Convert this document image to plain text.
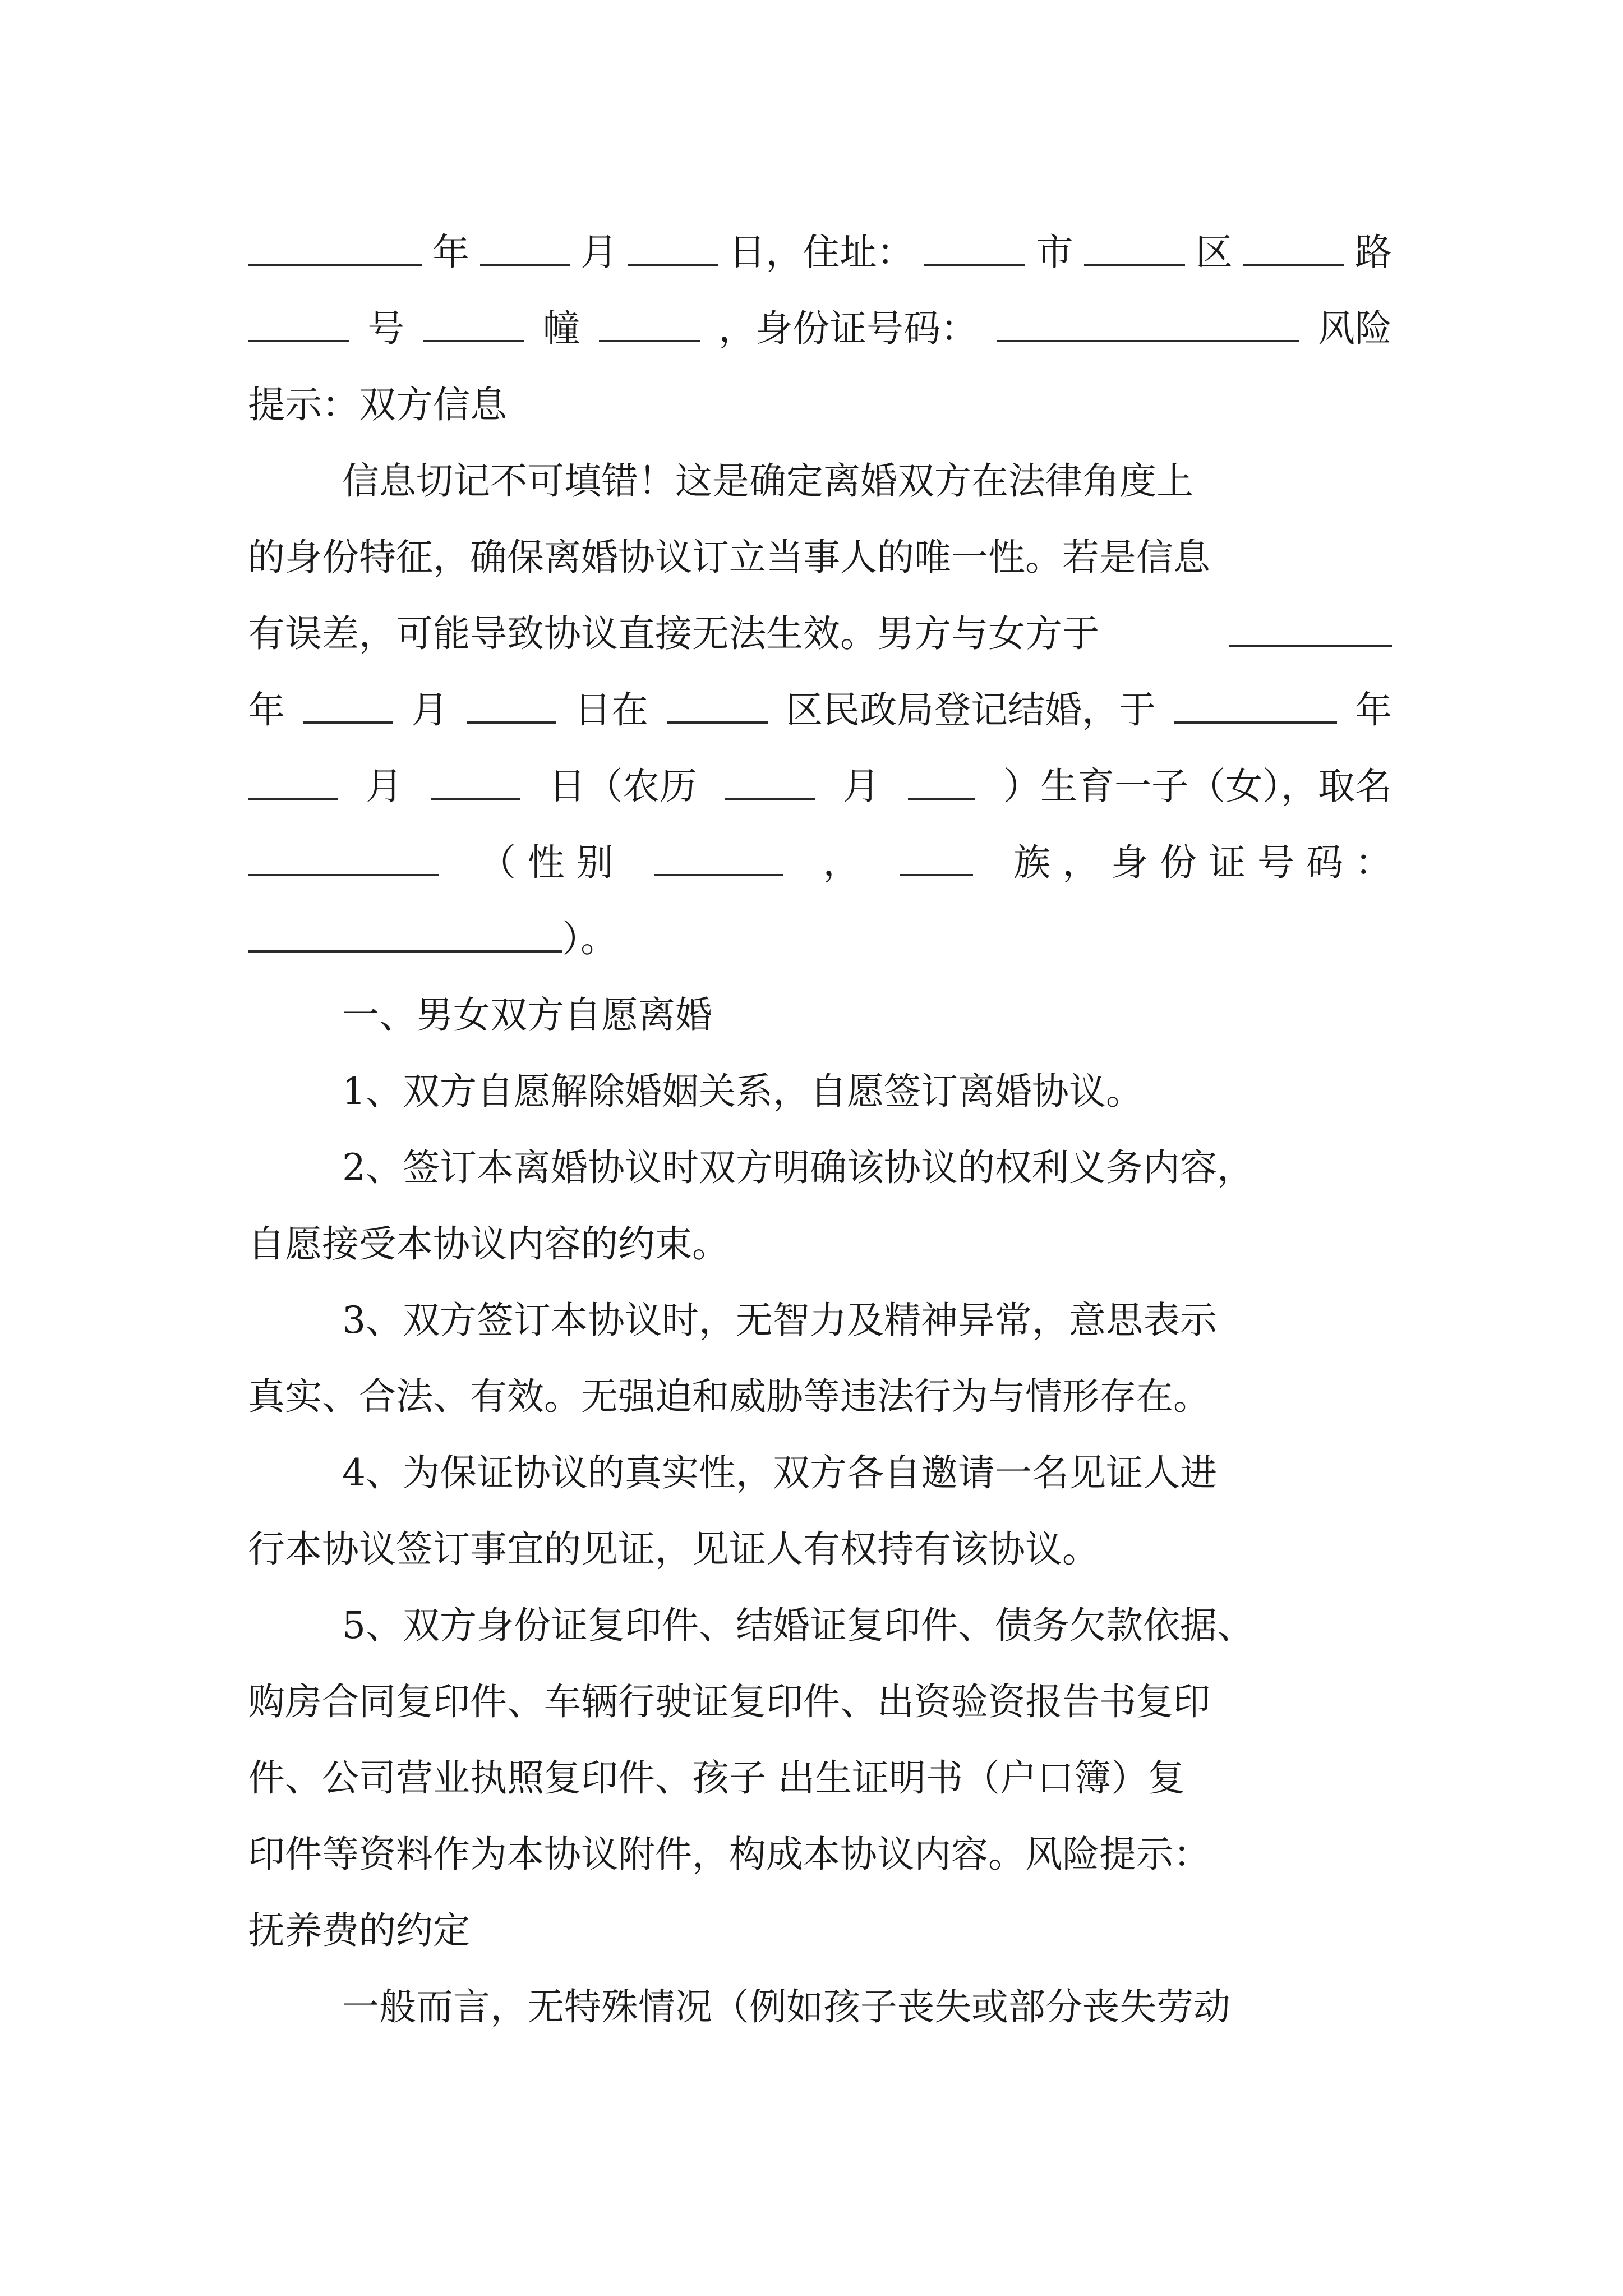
年	月	日，住址：	市	区	路
号	幢	，身份证号码：	风险
提示：双方信息
信息切记不可填错！这是确定离婚双方在法律角度上
的身份特征，确保离婚协议订立当事人的唯一性。若是信息
有误差，可能导致协议直接无法生效。男方与女方于
年	月	日在	区民政局登记结婚，于	年
月	日（农历	月	）生育一子（女），取名
（ 性 别	，	族 ， 身 份 证 号 码 ：
）。
一、男女双方自愿离婚
1、双方自愿解除婚姻关系，自愿签订离婚协议。
2、签订本离婚协议时双方明确该协议的权利义务内容，
自愿接受本协议内容的约束。
3、双方签订本协议时，无智力及精神异常，意思表示
真实、合法、有效。无强迫和威胁等违法行为与情形存在。
4、为保证协议的真实性，双方各自邀请一名见证人进
行本协议签订事宜的见证，见证人有权持有该协议。
5、双方身份证复印件、结婚证复印件、债务欠款依据、
购房合同复印件、车辆行驶证复印件、出资验资报告书复印
件、公司营业执照复印件、孩子 出生证明书（户口簿）复
印件等资料作为本协议附件，构成本协议内容。风险提示：
抚养费的约定
一般而言，无特殊情况（例如孩子丧失或部分丧失劳动
